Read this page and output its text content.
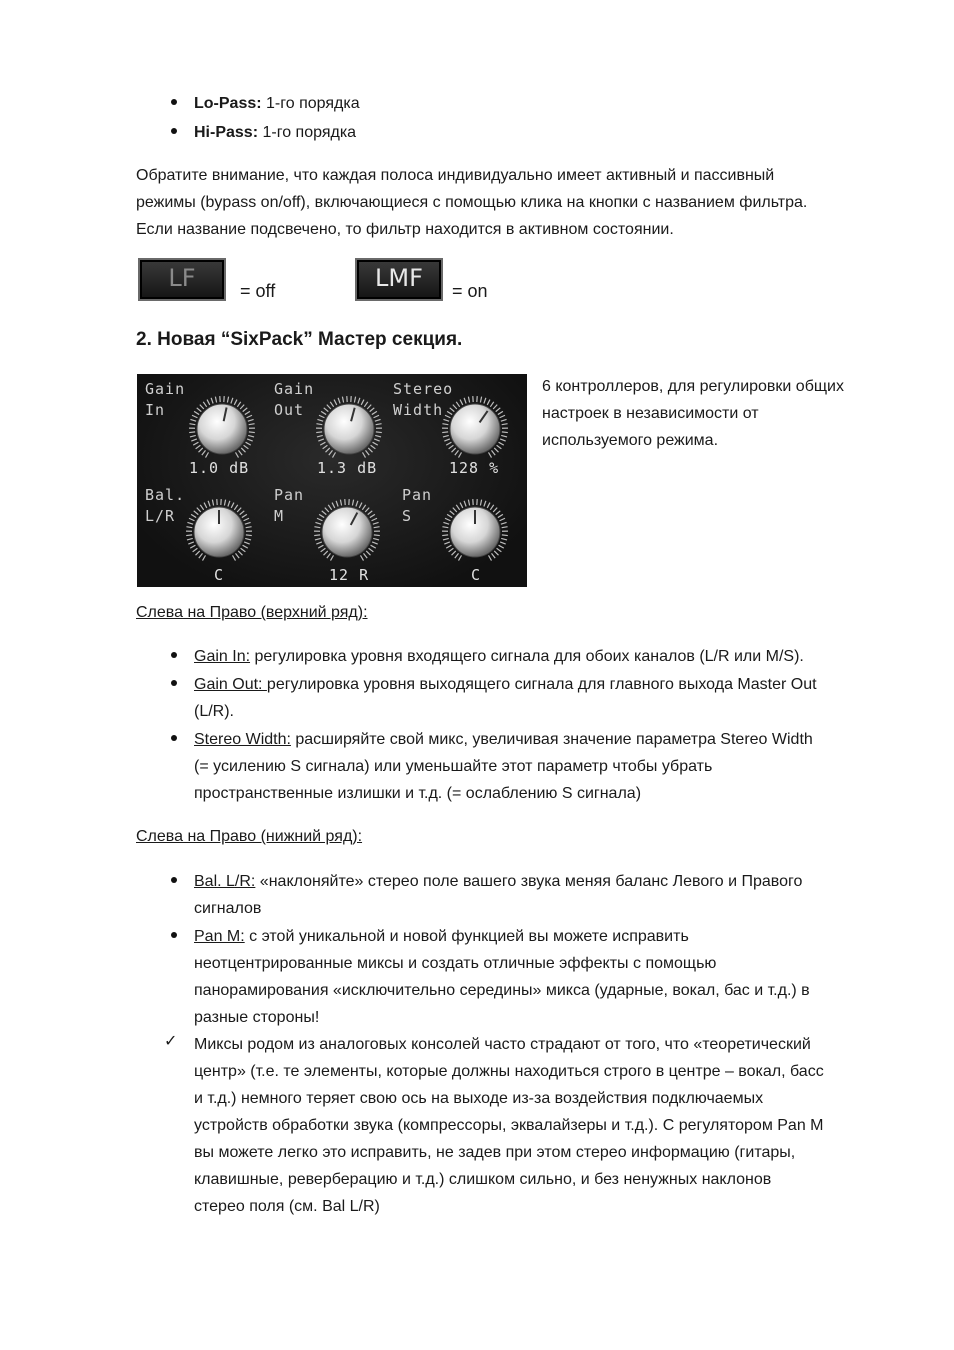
Lo-Pass: 1-го порядка
Hi-Pass: 1-го порядка
Обратите внимание, что каждая полоса индивидуально имеет активный и пассивный
режимы (bypass on/off), включающиеся с помощью клика на кнопки с названием фильтра.
Если название подсвечено, то фильтр находится в активном состоянии.
LF	= off	LMF	= on
2. Новая “SixPack” Мастер секция.
Gain
In
1.0 dB
Gain
Out
1.3 dB
Stereo
Width
128 %
Bal.
L/R
C
Pan
M
12 R
Pan
S
C
6 контроллеров, для регулировки общих
настроек в независимости от
используемого режима.
Слева на Право (верхний ряд):
Gain In: регулировка уровня входящего сигнала для обоих каналов (L/R или M/S).
Gain Out: регулировка уровня выходящего сигнала для главного выхода Master Out
(L/R).
Stereo Width: расширяйте свой микс, увеличивая значение параметра Stereo Width
(= усилению S сигнала) или уменьшайте этот параметр чтобы убрать
пространственные излишки и т.д. (= ослаблению S сигнала)
Слева на Право (нижний ряд):
Bal. L/R: «наклоняйте» стерео поле вашего звука меняя баланс Левого и Правого
сигналов
Pan M: с этой уникальной и новой функцией вы можете исправить
неотцентрированные миксы и создать отличные эффекты с помощью
панорамирования «исключительно середины» микса (ударные, вокал, бас и т.д.) в
разные стороны!
✓ Миксы родом из аналоговых консолей часто страдают от того, что «теоретический
центр» (т.е. те элементы, которые должны находиться строго в центре – вокал, басс
и т.д.) немного теряет свою ось на выходе из-за воздействия подключаемых
устройств обработки звука (компрессоры, эквалайзеры и т.д.). С регулятором Pan M
вы можете легко это исправить, не задев при этом стерео информацию (гитары,
клавишные, реверберацию и т.д.) слишком сильно, и без ненужных наклонов
стерео поля (см. Bal L/R)
